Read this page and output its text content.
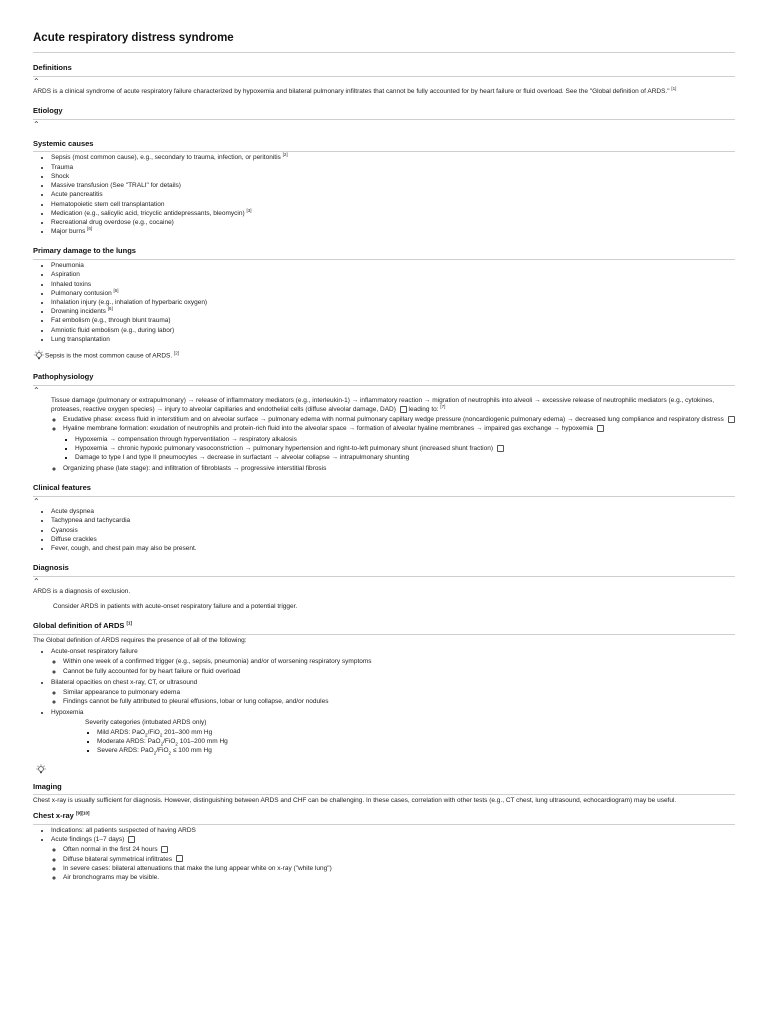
Acute respiratory distress syndrome
Definitions
⌃

ARDS is a clinical syndrome of acute respiratory failure characterized by hypoxemia and bilateral pulmonary infiltrates that cannot be fully accounted for by heart failure or fluid overload. See the "Global definition of ARDS." [1]

Etiology
⌃
Systemic causes
• Sepsis (most common cause), e.g., secondary to trauma, infection, or peritonitis [2]
• Trauma
• Shock
• Massive transfusion (See "TRALI" for details)
• Acute pancreatitis
• Hematopoietic stem cell transplantation
• Medication (e.g., salicylic acid, tricyclic antidepressants, bleomycin) [3]
• Recreational drug overdose (e.g., cocaine)
• Major burns [6]
Primary damage to the lungs
• Pneumonia
• Aspiration
• Inhaled toxins
• Pulmonary contusion [5]
• Inhalation injury (e.g., inhalation of hyperbaric oxygen)
• Drowning incidents [6]
• Fat embolism (e.g., through blunt trauma)
• Amniotic fluid embolism (e.g., during labor)
• Lung transplantation

Sepsis is the most common cause of ARDS. [2]

Pathophysiology
⌃
Tissue damage (pulmonary or extrapulmonary) → release of inflammatory mediators (e.g., interleukin-1) → inflammatory reaction → migration of neutrophils into alveoli → excessive release of neutrophilic mediators (e.g., cytokines, proteases, reactive oxygen species) → injury to alveolar capillaries and endothelial cells (diffuse alveolar damage, DAD) leading to: [7]
◦ Exudative phase: excess fluid in interstitium and on alveolar surface → pulmonary edema with normal pulmonary capillary wedge pressure (noncardiogenic pulmonary edema) → decreased lung compliance and respiratory distress
◦ Hyaline membrane formation: exudation of neutrophils and protein-rich fluid into the alveolar space → formation of alveolar hyaline membranes → impaired gas exchange → hypoxemia
▪ Hypoxemia → compensation through hyperventilation → respiratory alkalosis
▪ Hypoxemia → chronic hypoxic pulmonary vasoconstriction → pulmonary hypertension and right-to-left pulmonary shunt (increased shunt fraction)
▪ Damage to type I and type II pneumocytes → decrease in surfactant → alveolar collapse → intrapulmonary shunting
◦ Organizing phase (late stage): and infiltration of fibroblasts → progressive interstitial fibrosis
Clinical features
⌃
• Acute dyspnea
• Tachypnea and tachycardia
• Cyanosis
• Diffuse crackles
• Fever, cough, and chest pain may also be present.
Diagnosis
⌃

ARDS is a diagnosis of exclusion.

Consider ARDS in patients with acute-onset respiratory failure and a potential trigger.

Global definition of ARDS [1]

The Global definition of ARDS requires the presence of all of the following:

• Acute-onset respiratory failure
◦ Within one week of a confirmed trigger (e.g., sepsis, pneumonia) and/or of worsening respiratory symptoms
◦ Cannot be fully accounted for by heart failure or fluid overload
• Bilateral opacities on chest x-ray, CT, or ultrasound
◦ Similar appearance to pulmonary edema
◦ Findings cannot be fully attributed to pleural effusions, lobar or lung collapse, and/or nodules
• Hypoxemia
Severity categories (intubated ARDS only)
▪ Mild ARDS: PaO$_2$/FiO$_2$ 201–300 mm Hg
▪ Moderate ARDS: PaO$_2$/FiO$_2$ 101–200 mm Hg
▪ Severe ARDS: PaO$_2$/FiO$_2$ ≤ 100 mm Hg
Imaging

Chest x-ray is usually sufficient for diagnosis. However, distinguishing between ARDS and CHF can be challenging. In these cases, correlation with other tests (e.g., CT chest, lung ultrasound, echocardiogram) may be useful.

Chest x-ray [9][10]
• Indications: all patients suspected of having ARDS
• Acute findings (1–7 days)
◦ Often normal in the first 24 hours
◦ Diffuse bilateral symmetrical infiltrates
◦ In severe cases: bilateral attenuations that make the lung appear white on x-ray ("white lung")
◦ Air bronchograms may be visible.
